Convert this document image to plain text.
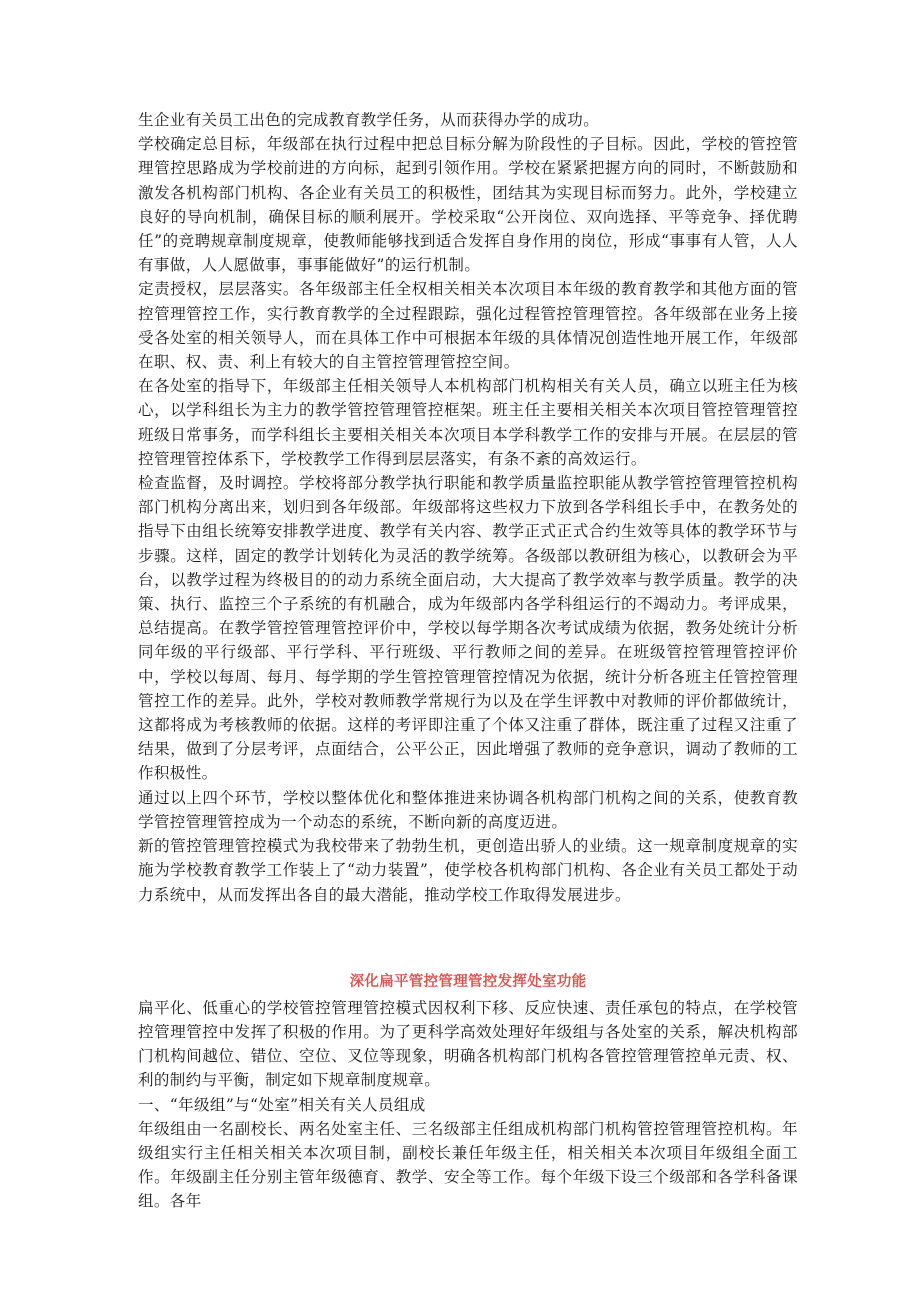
生企业有关员工出色的完成教育教学任务，从而获得办学的成功。

学校确定总目标，年级部在执行过程中把总目标分解为阶段性的子目标。因此，学校的管控管理管控思路成为学校前进的方向标，起到引领作用。学校在紧紧把握方向的同时，不断鼓励和激发各机构部门机构、各企业有关员工的积极性，团结其为实现目标而努力。此外，学校建立良好的导向机制，确保目标的顺利展开。学校采取“公开岗位、双向选择、平等竞争、择优聘任”的竞聘规章制度规章，使教师能够找到适合发挥自身作用的岗位，形成“事事有人管，人人有事做，人人愿做事，事事能做好”的运行机制。

定责授权，层层落实。各年级部主任全权相关相关本次项目本年级的教育教学和其他方面的管控管理管控工作，实行教育教学的全过程跟踪，强化过程管控管理管控。各年级部在业务上接受各处室的相关领导人，而在具体工作中可根据本年级的具体情况创造性地开展工作，年级部在职、权、责、利上有较大的自主管控管理管控空间。

在各处室的指导下，年级部主任相关领导人本机构部门机构相关有关人员，确立以班主任为核心，以学科组长为主力的教学管控管理管控框架。班主任主要相关相关本次项目管控管理管控班级日常事务，而学科组长主要相关相关本次项目本学科教学工作的安排与开展。在层层的管控管理管控体系下，学校教学工作得到层层落实，有条不紊的高效运行。

检查监督，及时调控。学校将部分教学执行职能和教学质量监控职能从教学管控管理管控机构部门机构分离出来，划归到各年级部。年级部将这些权力下放到各学科组长手中，在教务处的指导下由组长统筹安排教学进度、教学有关内容、教学正式正式合约生效等具体的教学环节与步骤。这样，固定的教学计划转化为灵活的教学统筹。各级部以教研组为核心，以教研会为平台，以教学过程为终极目的的动力系统全面启动，大大提高了教学效率与教学质量。教学的决策、执行、监控三个子系统的有机融合，成为年级部内各学科组运行的不竭动力。考评成果，总结提高。在教学管控管理管控评价中，学校以每学期各次考试成绩为依据，教务处统计分析同年级的平行级部、平行学科、平行班级、平行教师之间的差异。在班级管控管理管控评价中，学校以每周、每月、每学期的学生管控管理管控情况为依据，统计分析各班主任管控管理管控工作的差异。此外，学校对教师教学常规行为以及在学生评教中对教师的评价都做统计，这都将成为考核教师的依据。这样的考评即注重了个体又注重了群体，既注重了过程又注重了结果，做到了分层考评，点面结合，公平公正，因此增强了教师的竞争意识，调动了教师的工作积极性。

通过以上四个环节，学校以整体优化和整体推进来协调各机构部门机构之间的关系，使教育教学管控管理管控成为一个动态的系统，不断向新的高度迈进。

新的管控管理管控模式为我校带来了勃勃生机，更创造出骄人的业绩。这一规章制度规章的实施为学校教育教学工作装上了“动力装置”，使学校各机构部门机构、各企业有关员工都处于动力系统中，从而发挥出各自的最大潜能，推动学校工作取得发展进步。

深化扁平管控管理管控发挥处室功能

扁平化、低重心的学校管控管理管控模式因权利下移、反应快速、责任承包的特点，在学校管控管理管控中发挥了积极的作用。为了更科学高效处理好年级组与各处室的关系，解决机构部门机构间越位、错位、空位、叉位等现象，明确各机构部门机构各管控管理管控单元责、权、利的制约与平衡，制定如下规章制度规章。

一、“年级组”与“处室”相关有关人员组成

年级组由一名副校长、两名处室主任、三名级部主任组成机构部门机构管控管理管控机构。年级组实行主任相关相关本次项目制，副校长兼任年级主任，相关相关本次项目年级组全面工作。年级副主任分别主管年级德育、教学、安全等工作。每个年级下设三个级部和各学科备课组。各年
